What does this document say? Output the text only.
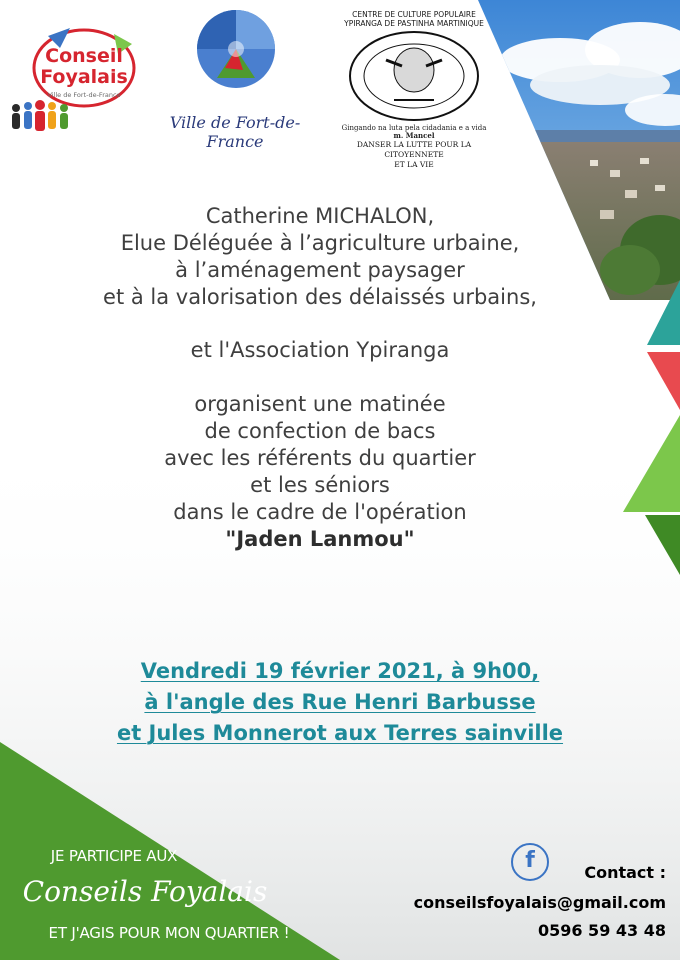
Conseil
Foyalais
Ville de Fort-de-France
Ville de Fort-de-France
CENTRE DE CULTURE POPULAIRE
YPIRANGA DE PASTINHA MARTINIQUE
Gingando na luta pela cidadania e a vida
m. Mancel
DANSER LA LUTTE POUR LA CITOYENNETE
ET LA VIE
Catherine MICHALON,
Elue Déléguée à l’agriculture urbaine,
à l’aménagement paysager
et à la valorisation des délaissés urbains,
et l'Association Ypiranga
organisent une matinée
de confection de bacs
avec les référents du quartier
et les séniors
dans le cadre de l'opération
"Jaden Lanmou"
Vendredi 19 février 2021, à 9h00,
à l'angle des Rue Henri Barbusse
et Jules Monnerot aux Terres sainville
JE PARTICIPE AUX
Conseils Foyalais
ET J'AGIS POUR MON QUARTIER !
f	Contact :
conseilsfoyalais@gmail.com
0596 59 43 48
